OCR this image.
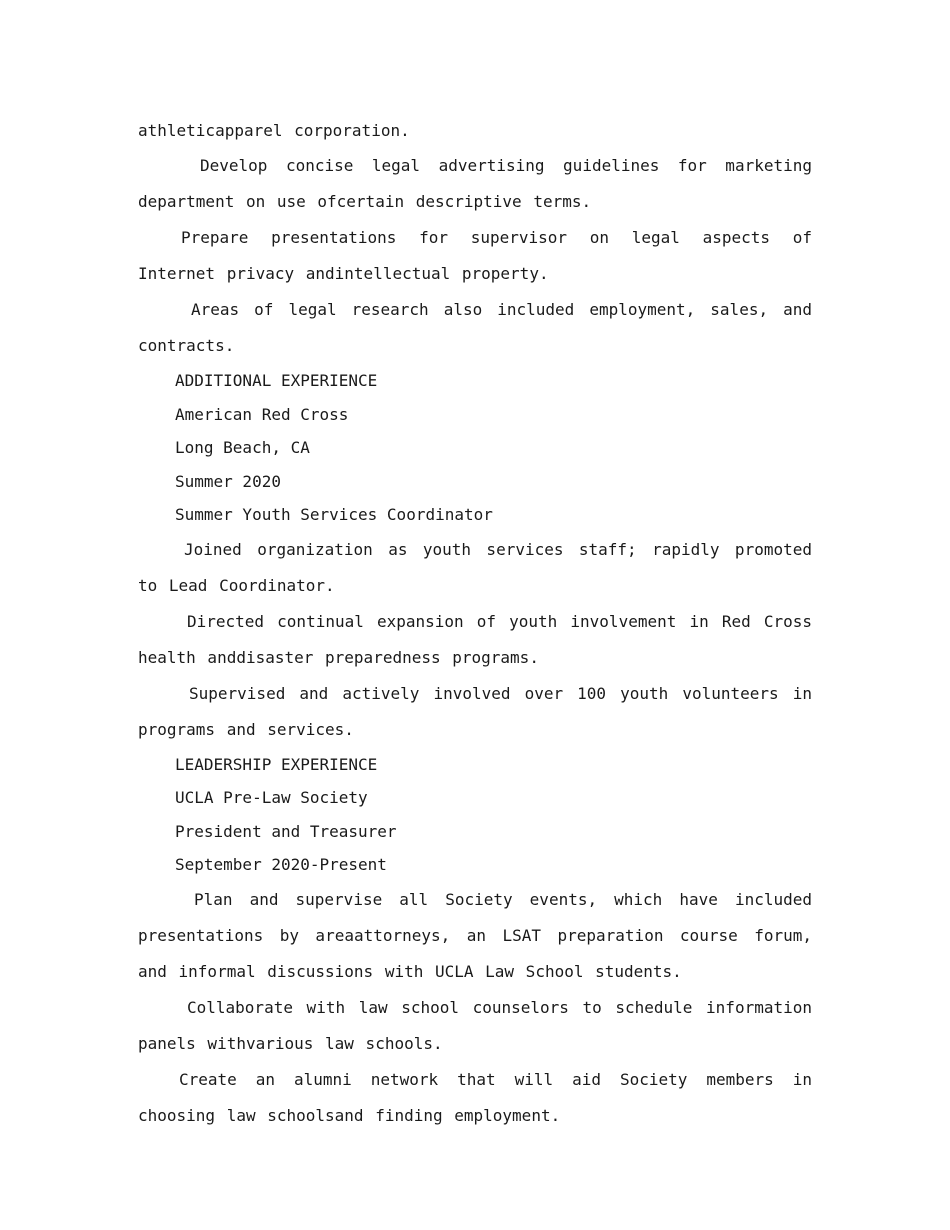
athleticapparel corporation.

Develop concise legal advertising guidelines for marketing department on use ofcertain descriptive terms.

Prepare presentations for supervisor on legal aspects of Internet privacy andintellectual property.

Areas of legal research also included employment, sales, and contracts.

ADDITIONAL EXPERIENCE

American Red Cross

Long Beach, CA

Summer 2020

Summer Youth Services Coordinator

Joined organization as youth services staff; rapidly promoted to Lead Coordinator.

Directed continual expansion of youth involvement in Red Cross health anddisaster preparedness programs.

Supervised and actively involved over 100 youth volunteers in programs and services.

LEADERSHIP EXPERIENCE

UCLA Pre-Law Society

President and Treasurer

September 2020-Present

Plan and supervise all Society events, which have included presentations by areaattorneys, an LSAT preparation course forum, and informal discussions with UCLA Law School students.

Collaborate with law school counselors to schedule information panels withvarious law schools.

Create an alumni network that will aid Society members in choosing law schoolsand finding employment.
